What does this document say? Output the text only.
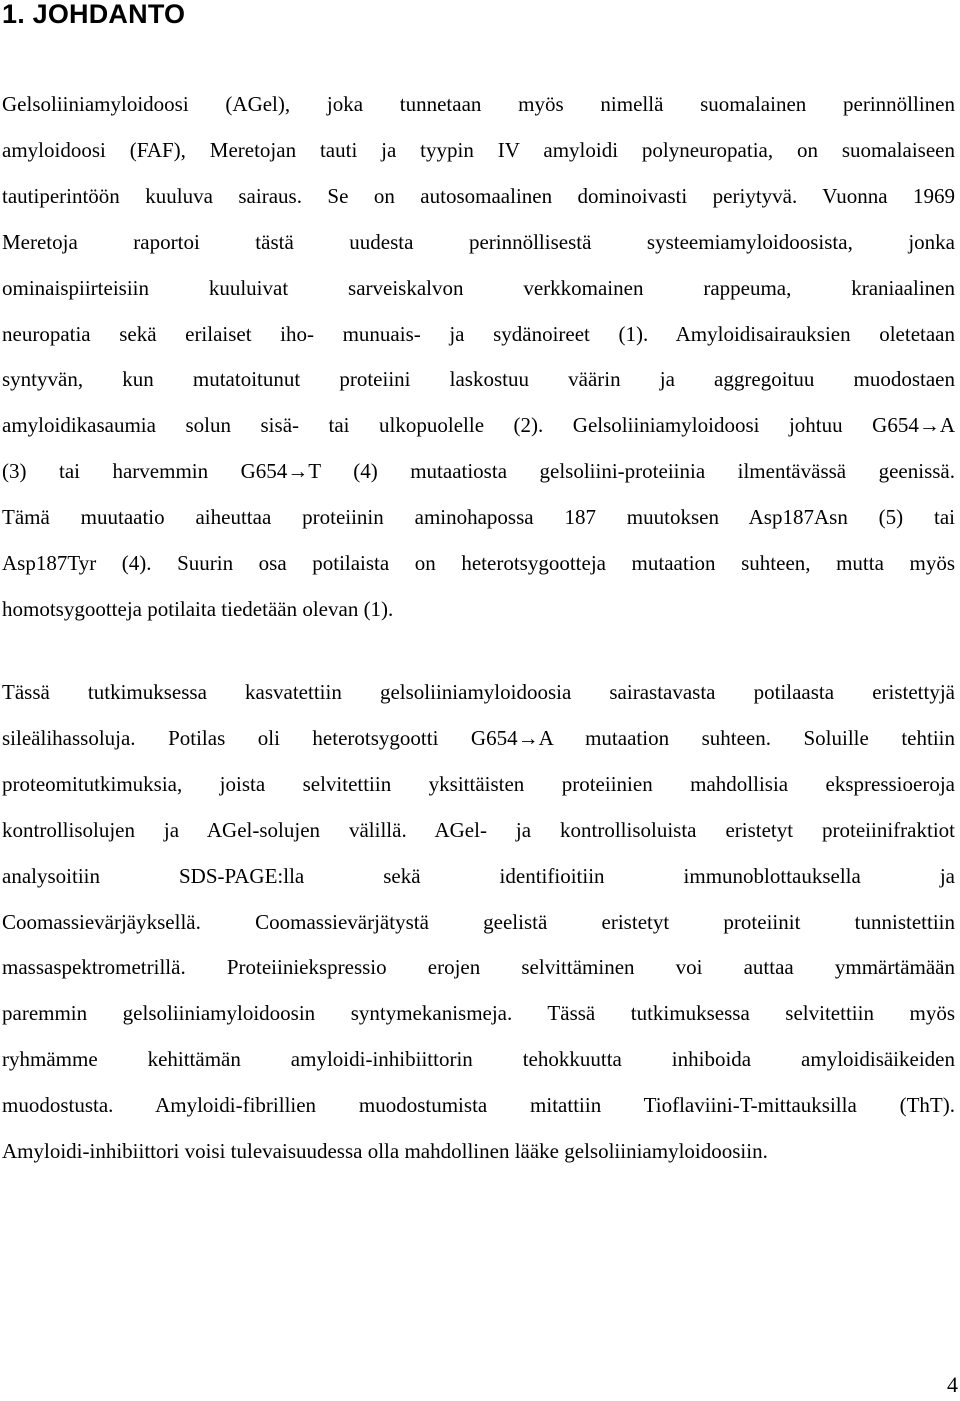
1. JOHDANTO
Gelsoliiniamyloidoosi (AGel), joka tunnetaan myös nimellä suomalainen perinnöllinen
amyloidoosi (FAF), Meretojan tauti ja tyypin IV amyloidi polyneuropatia, on suomalaiseen
tautiperintöön kuuluva sairaus. Se on autosomaalinen dominoivasti periytyvä. Vuonna 1969
Meretoja raportoi tästä uudesta perinnöllisestä systeemiamyloidoosista, jonka
ominaispiirteisiin kuuluivat sarveiskalvon verkkomainen rappeuma, kraniaalinen
neuropatia sekä erilaiset iho- munuais- ja sydänoireet (1). Amyloidisairauksien oletetaan
syntyvän, kun mutatoitunut proteiini laskostuu väärin ja aggregoituu muodostaen
amyloidikasaumia solun sisä- tai ulkopuolelle (2). Gelsoliiniamyloidoosi johtuu G654→A
(3) tai harvemmin G654→T (4) mutaatiosta gelsoliini-proteiinia ilmentävässä geenissä.
Tämä muutaatio aiheuttaa proteiinin aminohapossa 187 muutoksen Asp187Asn (5) tai
Asp187Tyr (4). Suurin osa potilaista on heterotsygootteja mutaation suhteen, mutta myös
homotsygootteja potilaita tiedetään olevan (1).
Tässä tutkimuksessa kasvatettiin gelsoliiniamyloidoosia sairastavasta potilaasta eristettyjä
sileälihassoluja. Potilas oli heterotsygootti G654→A mutaation suhteen. Soluille tehtiin
proteomitutkimuksia, joista selvitettiin yksittäisten proteiinien mahdollisia ekspressioeroja
kontrollisolujen ja AGel-solujen välillä. AGel- ja kontrollisoluista eristetyt proteiinifraktiot
analysoitiin SDS-PAGE:lla sekä identifioitiin immunoblottauksella ja
Coomassievärjäyksellä. Coomassievärjätystä geelistä eristetyt proteiinit tunnistettiin
massaspektrometrillä. Proteiiniekspressio erojen selvittäminen voi auttaa ymmärtämään
paremmin gelsoliiniamyloidoosin syntymekanismeja. Tässä tutkimuksessa selvitettiin myös
ryhmämme kehittämän amyloidi-inhibiittorin tehokkuutta inhiboida amyloidisäikeiden
muodostusta. Amyloidi-fibrillien muodostumista mitattiin Tioflaviini-T-mittauksilla (ThT).
Amyloidi-inhibiittori voisi tulevaisuudessa olla mahdollinen lääke gelsoliiniamyloidoosiin.
4
